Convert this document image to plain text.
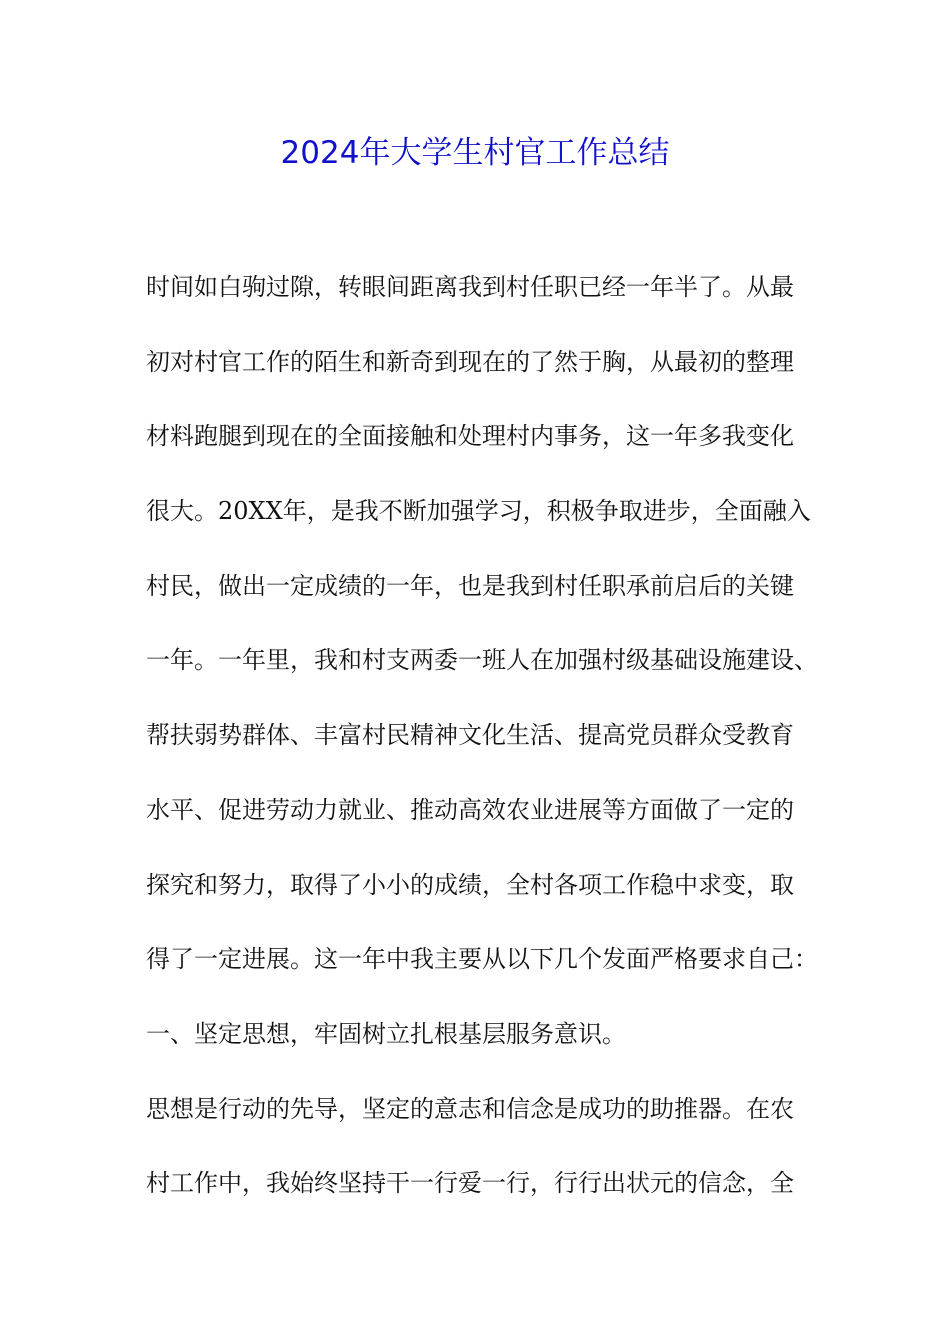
2024年大学生村官工作总结
时间如白驹过隙，转眼间距离我到村任职已经一年半了。从最
初对村官工作的陌生和新奇到现在的了然于胸，从最初的整理
材料跑腿到现在的全面接触和处理村内事务，这一年多我变化
很大。20XX年，是我不断加强学习，积极争取进步，全面融入
村民，做出一定成绩的一年，也是我到村任职承前启后的关键
一年。一年里，我和村支两委一班人在加强村级基础设施建设、
帮扶弱势群体、丰富村民精神文化生活、提高党员群众受教育
水平、促进劳动力就业、推动高效农业进展等方面做了一定的
探究和努力，取得了小小的成绩，全村各项工作稳中求变，取
得了一定进展。这一年中我主要从以下几个发面严格要求自己：
一、坚定思想，牢固树立扎根基层服务意识。
思想是行动的先导，坚定的意志和信念是成功的助推器。在农
村工作中，我始终坚持干一行爱一行，行行出状元的信念，全
